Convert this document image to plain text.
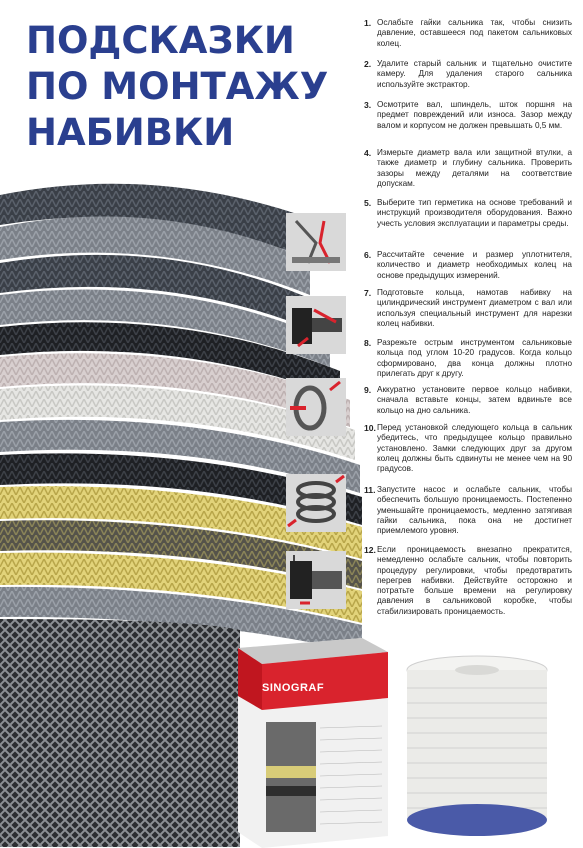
ПОДСКАЗКИ
ПО МОНТАЖУ
НАБИВКИ
1. Ослабьте гайки сальника так, чтобы снизить давление, оставшееся под пакетом сальниковых колец.
2. Удалите старый сальник и тщательно очистите камеру. Для удаления старого сальника используйте экстрактор.
3. Осмотрите вал, шпиндель, шток поршня на предмет повреждений или износа. Зазор между валом и корпусом не должен превышать 0,5 мм.
4. Измерьте диаметр вала или защитной втулки, а также диаметр и глубину сальника. Проверить зазоры между деталями на соответствие допускам.
5. Выберите тип герметика на основе требований и инструкций производителя оборудования. Важно учесть условия эксплуатации и параметры среды.
6. Рассчитайте сечение и размер уплотнителя, количество и диаметр необходимых колец на основе предыдущих измерений.
7. Подготовьте кольца, намотав набивку на цилиндрический инструмент диаметром с вал или используя специальный инструмент для нарезки колец набивки.
8. Разрежьте острым инструментом сальниковые кольца под углом 10-20 градусов. Когда кольцо сформировано, два конца должны плотно прилегать друг к другу.
9. Аккуратно установите первое кольцо набивки, сначала вставьте концы, затем вдвиньте все кольцо на дно сальника.
10. Перед установкой следующего кольца в сальник убедитесь, что предыдущее кольцо правильно установлено. Замки следующих друг за другом колец должны быть сдвинуты не менее чем на 90 градусов.
11. Запустите насос и ослабьте сальник, чтобы обеспечить большую проницаемость. Постепенно уменьшайте проницаемость, медленно затягивая гайки сальника, пока она не достигнет приемлемого уровня.
12. Если проницаемость внезапно прекратится, немедленно ослабьте сальник, чтобы повторить процедуру регулировки, чтобы предотвратить перегрев набивки. Действуйте осторожно и потратьте больше времени на регулировку давления в сальниковой коробке, чтобы стабилизировать проницаемость.
SINOGRAF
